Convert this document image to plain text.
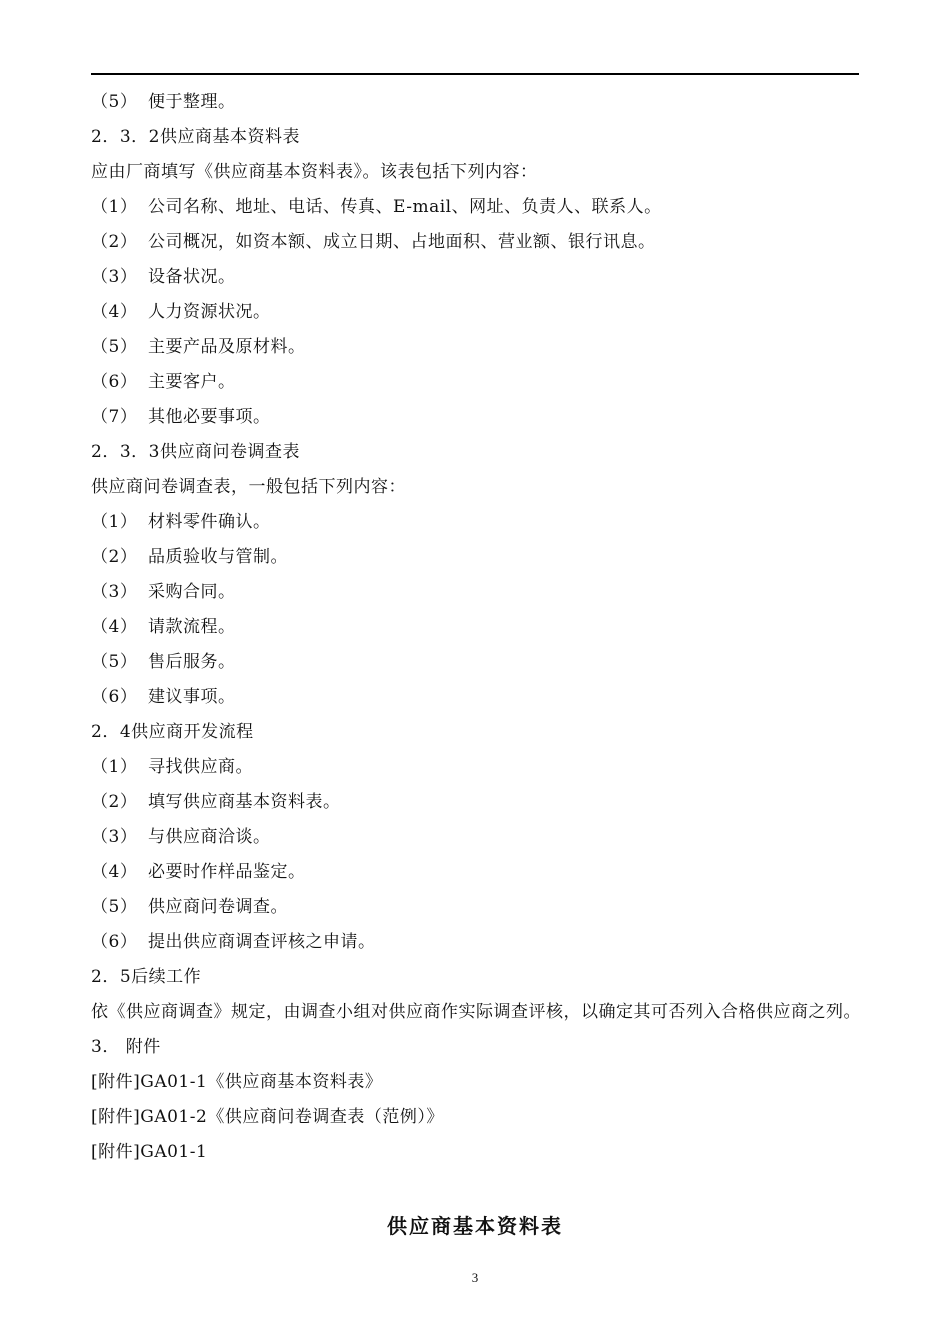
（5） 便于整理。
2．3．2供应商基本资料表
应由厂商填写《供应商基本资料表》。该表包括下列内容：
（1） 公司名称、地址、电话、传真、E-mail、网址、负责人、联系人。
（2） 公司概况，如资本额、成立日期、占地面积、营业额、银行讯息。
（3） 设备状况。
（4） 人力资源状况。
（5） 主要产品及原材料。
（6） 主要客户。
（7） 其他必要事项。
2．3．3供应商问卷调查表
供应商问卷调查表，一般包括下列内容：
（1） 材料零件确认。
（2） 品质验收与管制。
（3） 采购合同。
（4） 请款流程。
（5） 售后服务。
（6） 建议事项。
2．4供应商开发流程
（1） 寻找供应商。
（2） 填写供应商基本资料表。
（3） 与供应商洽谈。
（4） 必要时作样品鉴定。
（5） 供应商问卷调查。
（6） 提出供应商调查评核之申请。
2．5后续工作
依《供应商调查》规定，由调查小组对供应商作实际调查评核，以确定其可否列入合格供应商之列。
3． 附件
[附件]GA01-1《供应商基本资料表》
[附件]GA01-2《供应商问卷调查表（范例）》
[附件]GA01-1
供应商基本资料表
3
